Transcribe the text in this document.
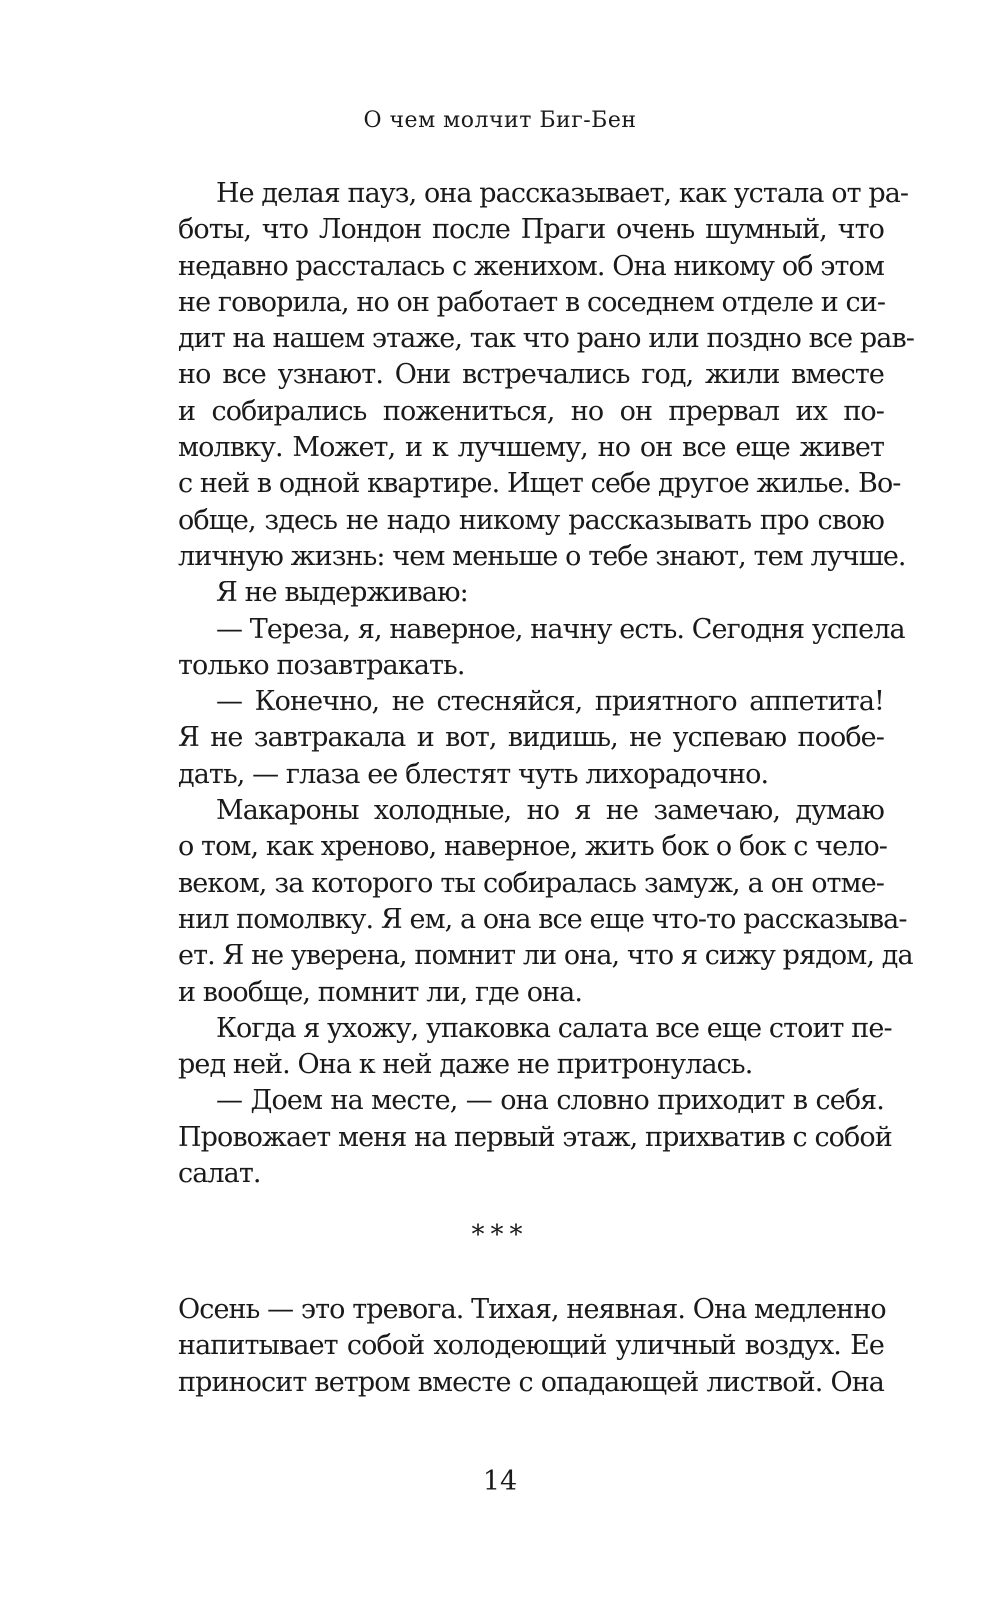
О чем молчит Биг-Бен
Не делая пауз, она рассказывает, как устала от ра-
боты, что Лондон после Праги очень шумный, что
недавно рассталась с женихом. Она никому об этом
не говорила, но он работает в соседнем отделе и си-
дит на нашем этаже, так что рано или поздно все рав-
но все узнают. Они встречались год, жили вместе
и собирались пожениться, но он прервал их по-
молвку. Может, и к лучшему, но он все еще живет
с ней в одной квартире. Ищет себе другое жилье. Во-
обще, здесь не надо никому рассказывать про свою
личную жизнь: чем меньше о тебе знают, тем лучше.
Я не выдерживаю:
— Тереза, я, наверное, начну есть. Сегодня успела
только позавтракать.
— Конечно, не стесняйся, приятного аппетита!
Я не завтракала и вот, видишь, не успеваю пообе-
дать, — глаза ее блестят чуть лихорадочно.
Макароны холодные, но я не замечаю, думаю
о том, как хреново, наверное, жить бок о бок с чело-
веком, за которого ты собиралась замуж, а он отме-
нил помолвку. Я ем, а она все еще что-то рассказыва-
ет. Я не уверена, помнит ли она, что я сижу рядом, да
и вообще, помнит ли, где она.
Когда я ухожу, упаковка салата все еще стоит пе-
ред ней. Она к ней даже не притронулась.
— Доем на месте, — она словно приходит в себя.
Провожает меня на первый этаж, прихватив с собой
салат.
***
Осень — это тревога. Тихая, неявная. Она медленно
напитывает собой холодеющий уличный воздух. Ее
приносит ветром вместе с опадающей листвой. Она
14
